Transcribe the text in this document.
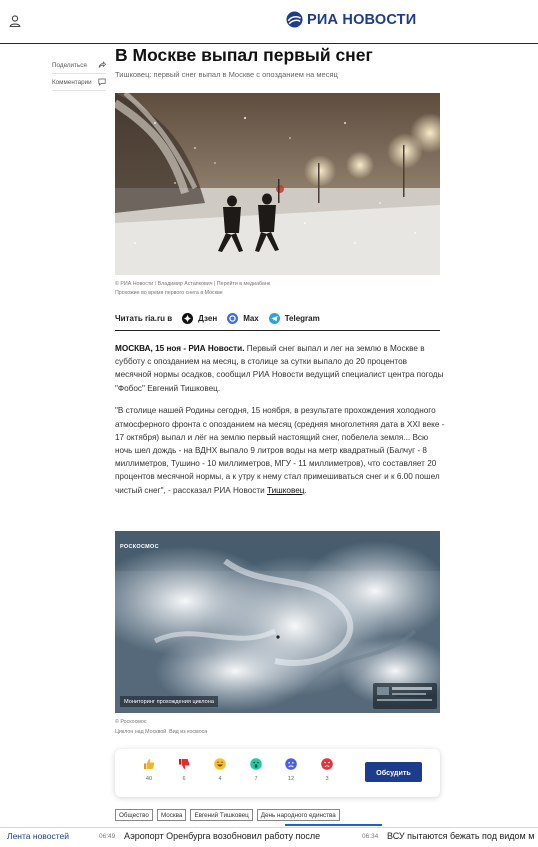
РИА НОВОСТИ
Поделиться
Комментарии
В Москве выпал первый снег
Тишковец: первый снег выпал в Москве с опозданием на месяц
© РИА Новости / Владимир Астапкович | Перейти в медиабанк
Прохожие во время первого снега в Москве
Читать ria.ru в	Дзен	Max	Telegram

МОСКВА, 15 ноя - РИА Новости. Первый снег выпал и лег на землю в Москве в субботу с опозданием на месяц, в столице за сутки выпало до 20 процентов месячной нормы осадков, сообщил РИА Новости ведущий специалист центра погоды "Фобос" Евгений Тишковец.

"В столице нашей Родины сегодня, 15 ноября, в результате прохождения холодного атмосферного фронта с опозданием на месяц (средняя многолетняя дата в XXI веке - 17 октября) выпал и лёг на землю первый настоящий снег, побелела земля... Всю ночь шел дождь - на ВДНХ выпало 9 литров воды на метр квадратный (Балчуг - 8 миллиметров, Тушино - 10 миллиметров, МГУ - 11 миллиметров), что составляет 20 процентов месячной нормы, а к утру к нему стал примешиваться снег и к 6.00 пошел чистый снег", - рассказал РИА Новости Тишковец.

РОСКОСМОС
Мониторинг прохождения циклона
© Роскосмос
Циклон над Москвой. Вид из космоса
40	6	4	7	12	3
Обсудить
Общество	Москва	Евгений Тишковец	День народного единства
Лента новостей	06:49 Аэропорт Оренбурга возобновил работу после	06:34 ВСУ пытаются бежать под видом м
